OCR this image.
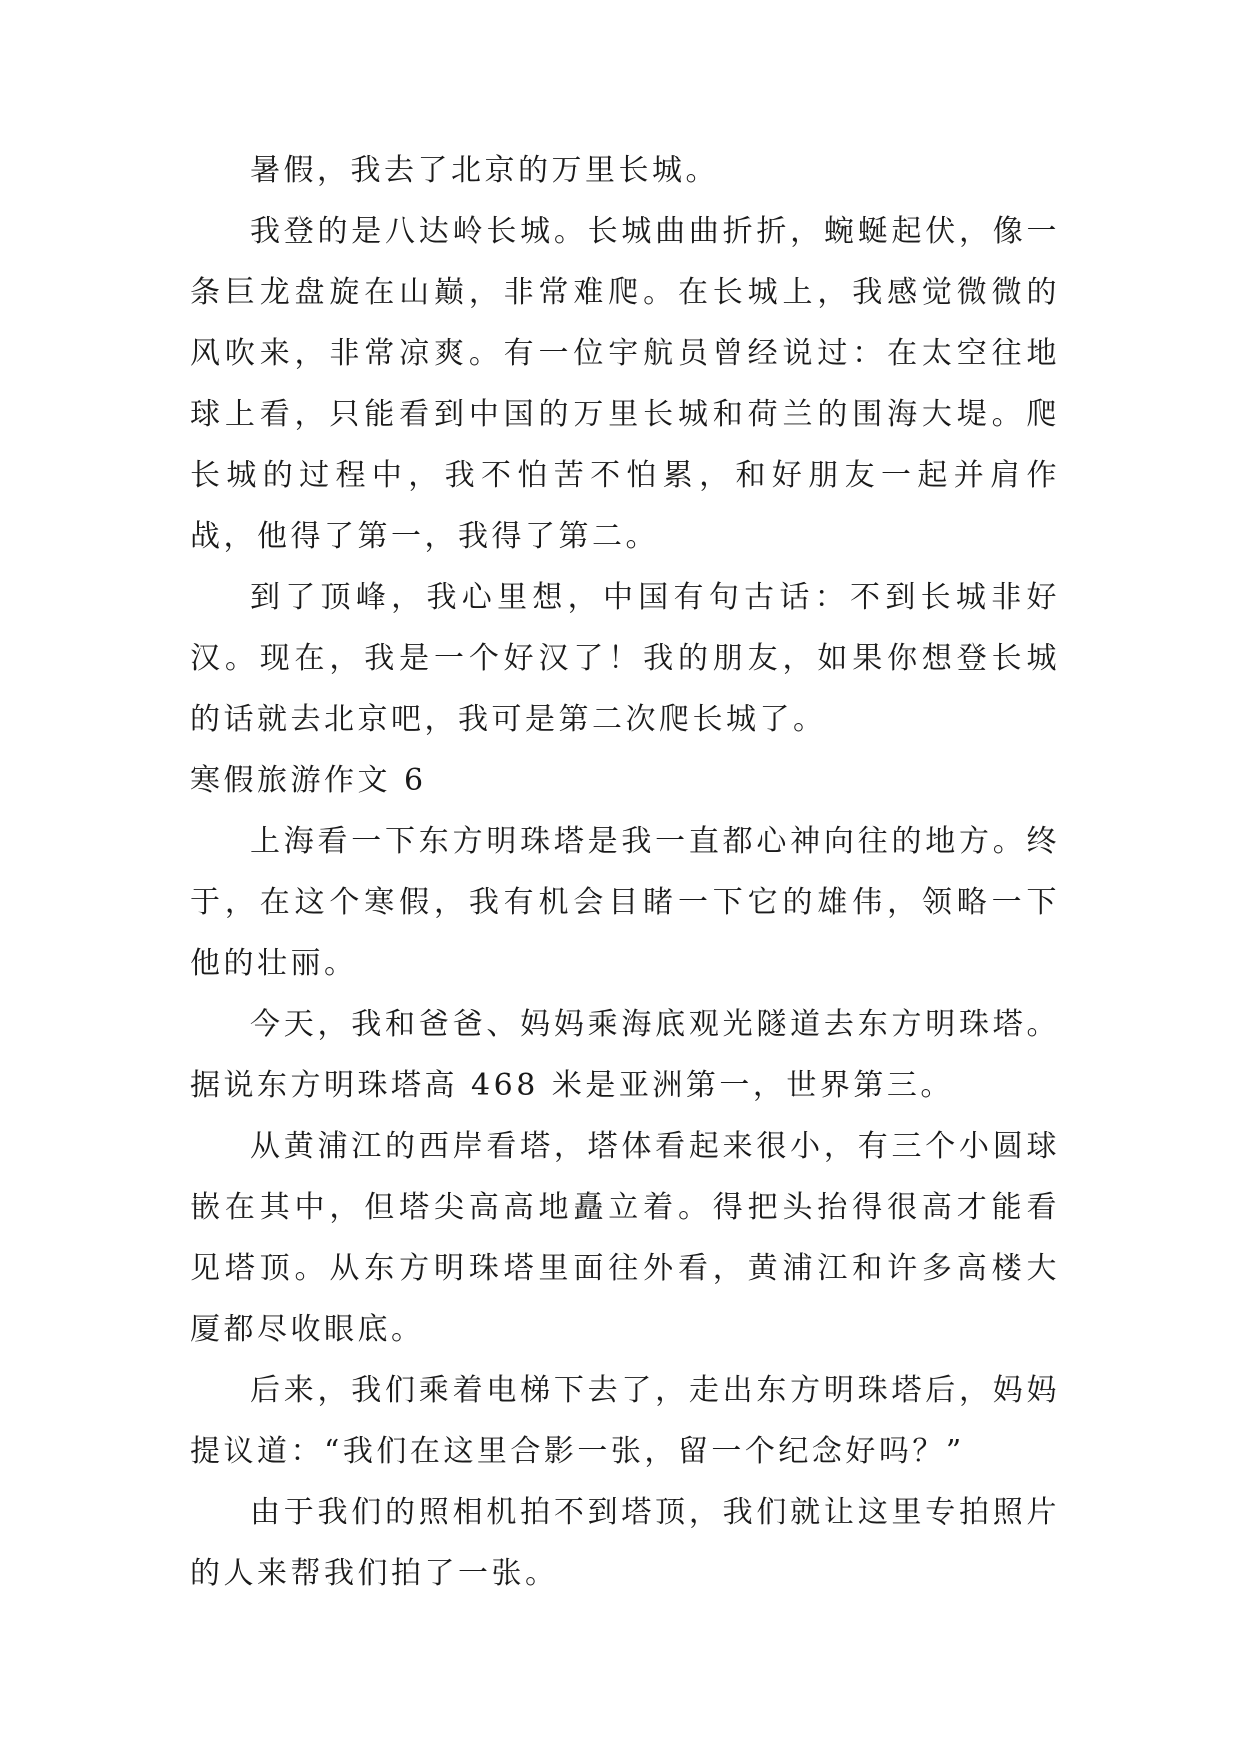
暑假，我去了北京的万里长城。

我登的是八达岭长城。长城曲曲折折，蜿蜒起伏，像一条巨龙盘旋在山巅，非常难爬。在长城上，我感觉微微的风吹来，非常凉爽。有一位宇航员曾经说过：在太空往地球上看，只能看到中国的万里长城和荷兰的围海大堤。爬长城的过程中，我不怕苦不怕累，和好朋友一起并肩作战，他得了第一，我得了第二。

到了顶峰，我心里想，中国有句古话：不到长城非好汉。现在，我是一个好汉了！我的朋友，如果你想登长城的话就去北京吧，我可是第二次爬长城了。

寒假旅游作文 6

上海看一下东方明珠塔是我一直都心神向往的地方。终于，在这个寒假，我有机会目睹一下它的雄伟，领略一下他的壮丽。

今天，我和爸爸、妈妈乘海底观光隧道去东方明珠塔。据说东方明珠塔高 468 米是亚洲第一，世界第三。

从黄浦江的西岸看塔，塔体看起来很小，有三个小圆球嵌在其中，但塔尖高高地矗立着。得把头抬得很高才能看见塔顶。从东方明珠塔里面往外看，黄浦江和许多高楼大厦都尽收眼底。

后来，我们乘着电梯下去了，走出东方明珠塔后，妈妈提议道：“我们在这里合影一张，留一个纪念好吗？”

由于我们的照相机拍不到塔顶，我们就让这里专拍照片的人来帮我们拍了一张。
